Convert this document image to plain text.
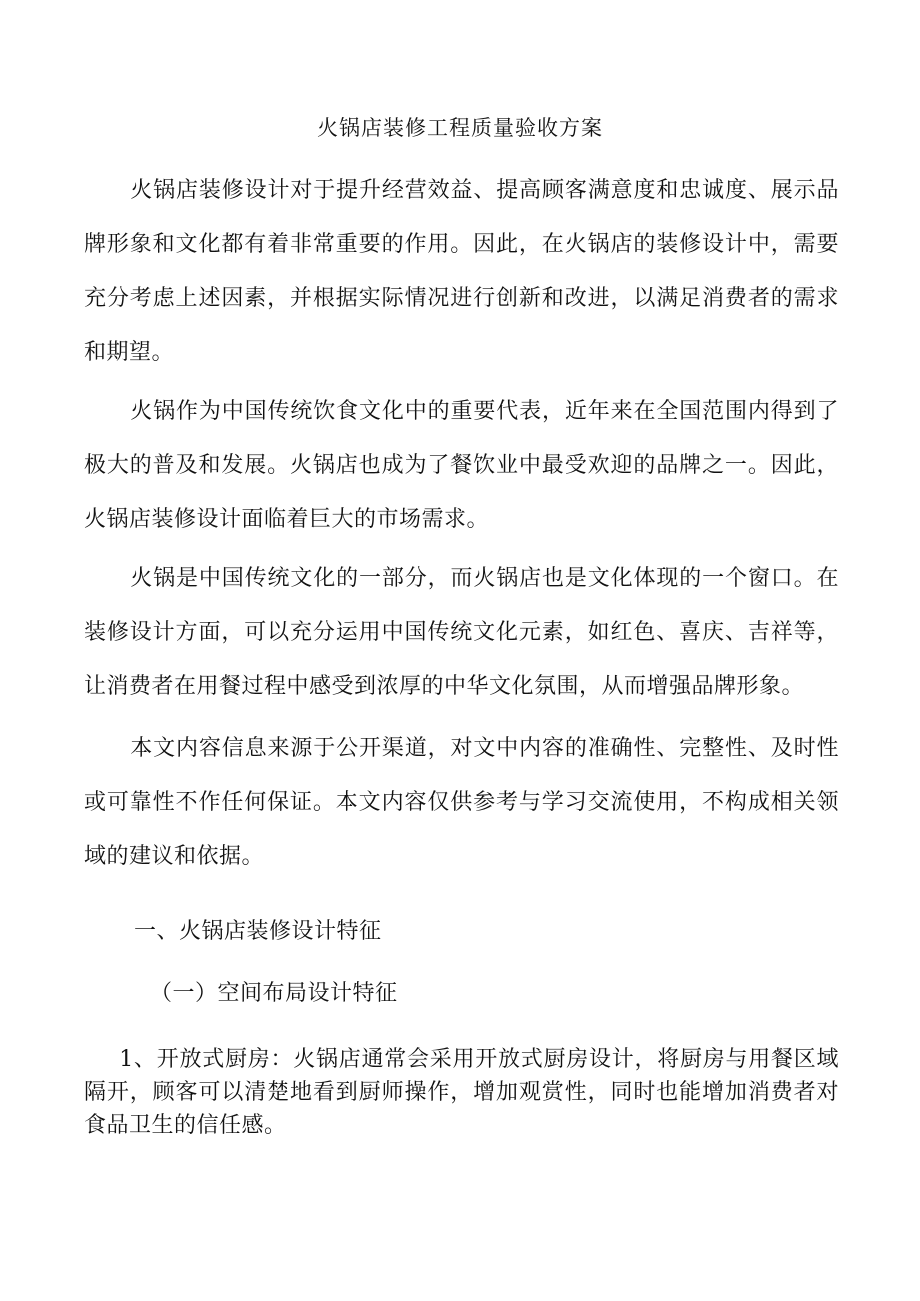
火锅店装修工程质量验收方案

火锅店装修设计对于提升经营效益、提高顾客满意度和忠诚度、展示品牌形象和文化都有着非常重要的作用。因此，在火锅店的装修设计中，需要充分考虑上述因素，并根据实际情况进行创新和改进，以满足消费者的需求和期望。

火锅作为中国传统饮食文化中的重要代表，近年来在全国范围内得到了极大的普及和发展。火锅店也成为了餐饮业中最受欢迎的品牌之一。因此，火锅店装修设计面临着巨大的市场需求。

火锅是中国传统文化的一部分，而火锅店也是文化体现的一个窗口。在装修设计方面，可以充分运用中国传统文化元素，如红色、喜庆、吉祥等，让消费者在用餐过程中感受到浓厚的中华文化氛围，从而增强品牌形象。

本文内容信息来源于公开渠道，对文中内容的准确性、完整性、及时性或可靠性不作任何保证。本文内容仅供参考与学习交流使用，不构成相关领域的建议和依据。

一、火锅店装修设计特征
（一）空间布局设计特征

1、开放式厨房：火锅店通常会采用开放式厨房设计，将厨房与用餐区域隔开，顾客可以清楚地看到厨师操作，增加观赏性，同时也能增加消费者对食品卫生的信任感。
